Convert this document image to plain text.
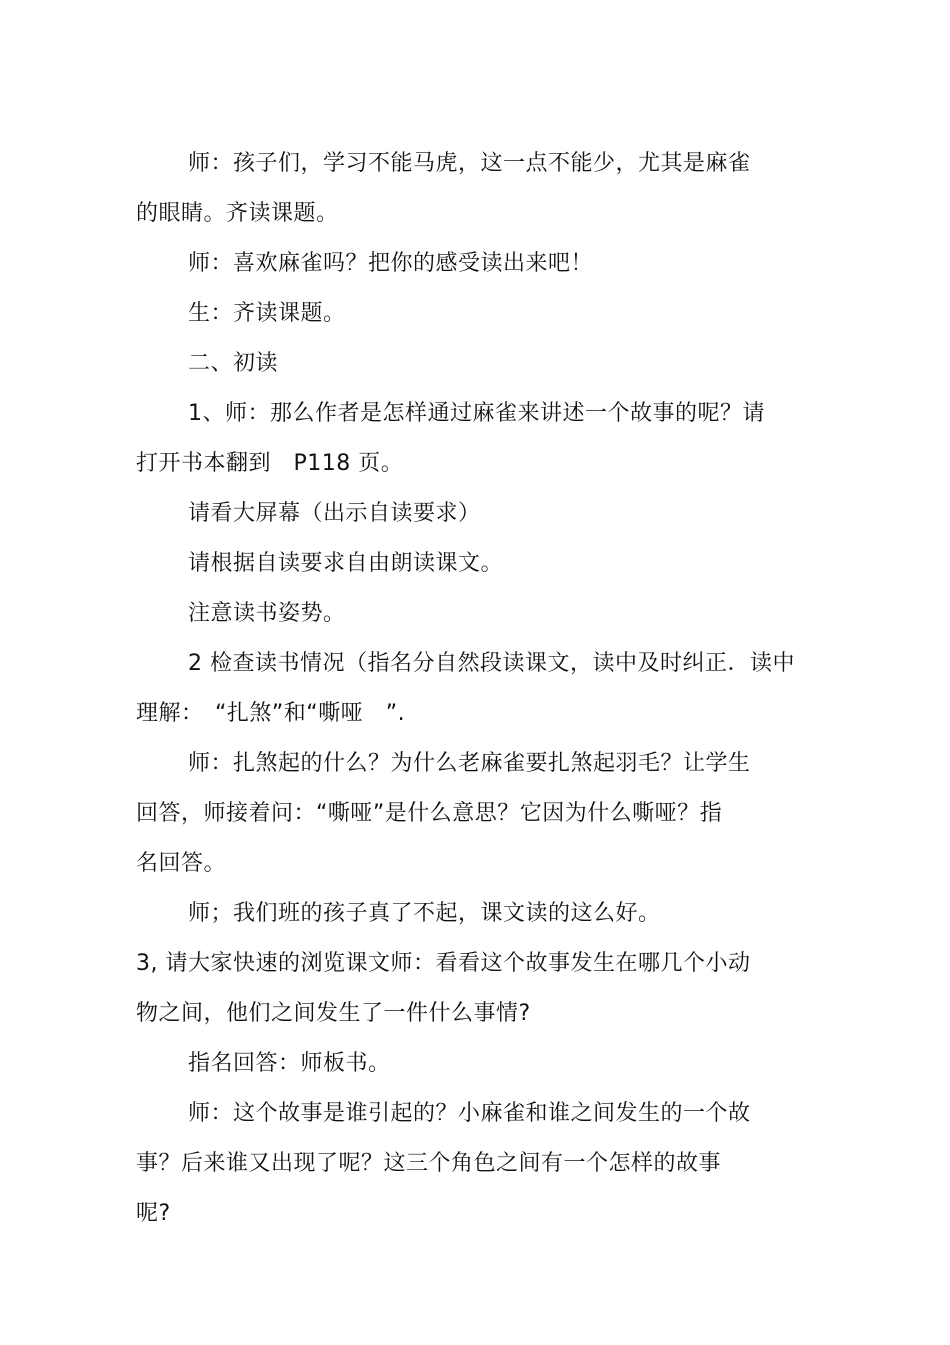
师：孩子们，学习不能马虎，这一点不能少，尤其是麻雀
的眼睛。齐读课题。
师：喜欢麻雀吗？把你的感受读出来吧！
生：齐读课题。
二、初读
1、师：那么作者是怎样通过麻雀来讲述一个故事的呢？请
打开书本翻到　P118 页。
请看大屏幕（出示自读要求）
请根据自读要求自由朗读课文。
注意读书姿势。
2 检查读书情况（指名分自然段读课文，读中及时纠正．读中
理解：　“扎煞”和“嘶哑　”.
师：扎煞起的什么？为什么老麻雀要扎煞起羽毛？让学生
回答，师接着问：“嘶哑”是什么意思？它因为什么嘶哑？指
名回答。
师；我们班的孩子真了不起，课文读的这么好。
3, 请大家快速的浏览课文师：看看这个故事发生在哪几个小动
物之间，他们之间发生了一件什么事情?
指名回答：师板书。
师：这个故事是谁引起的？小麻雀和谁之间发生的一个故
事？后来谁又出现了呢？这三个角色之间有一个怎样的故事
呢?
